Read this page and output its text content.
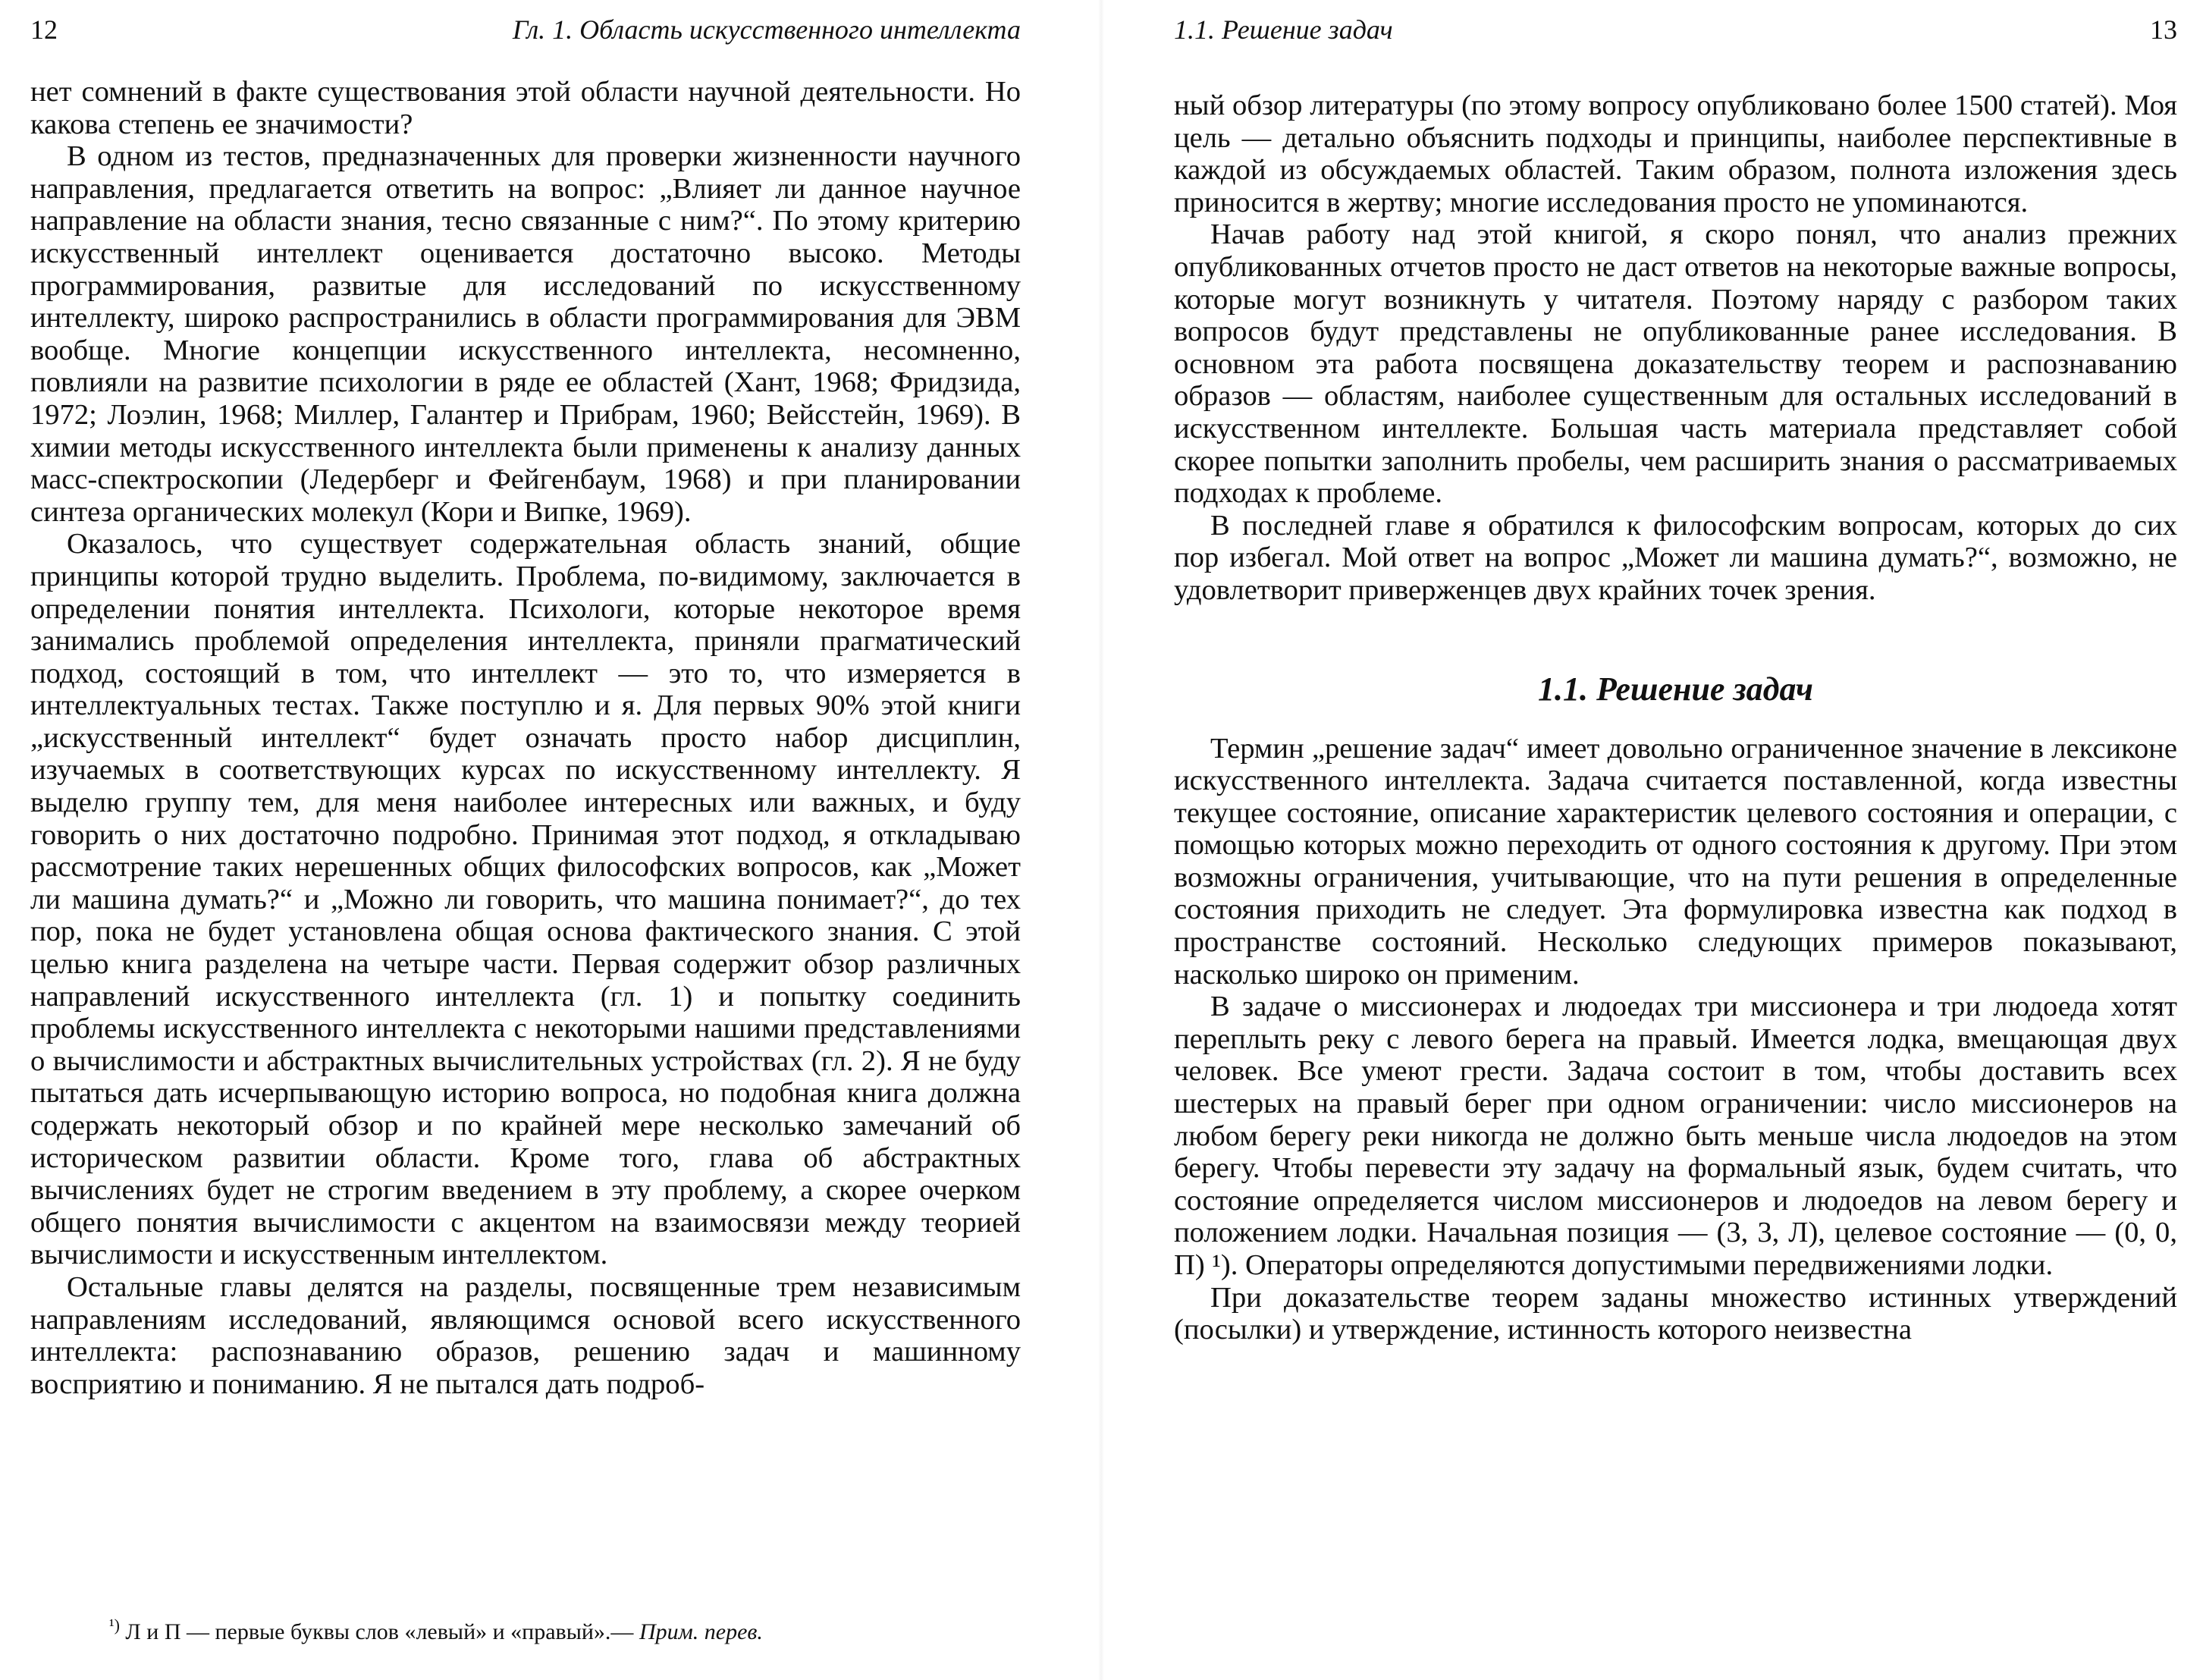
12	Гл. 1. Область искусственного интеллекта

нет сомнений в факте существования этой области научной деятельности. Но какова степень ее значимости?

В одном из тестов, предназначенных для проверки жизненности научного направления, предлагается ответить на вопрос: „Влияет ли данное научное направление на области знания, тесно связанные с ним?“. По этому критерию искусственный интеллект оценивается достаточно высоко. Методы программирования, развитые для исследований по искусственному интеллекту, широко распространились в области программирования для ЭВМ вообще. Многие концепции искусственного интеллекта, несомненно, повлияли на развитие психологии в ряде ее областей (Хант, 1968; Фридзида, 1972; Лоэлин, 1968; Миллер, Галантер и Прибрам, 1960; Вейсстейн, 1969). В химии методы искусственного интеллекта были применены к анализу данных масс-спектроскопии (Ледерберг и Фейгенбаум, 1968) и при планировании синтеза органических молекул (Кори и Випке, 1969).

Оказалось, что существует содержательная область знаний, общие принципы которой трудно выделить. Проблема, по-видимому, заключается в определении понятия интеллекта. Психологи, которые некоторое время занимались проблемой определения интеллекта, приняли прагматический подход, состоящий в том, что интеллект — это то, что измеряется в интеллектуальных тестах. Также поступлю и я. Для первых 90% этой книги „искусственный интеллект“ будет означать просто набор дисциплин, изучаемых в соответствующих курсах по искусственному интеллекту. Я выделю группу тем, для меня наиболее интересных или важных, и буду говорить о них достаточно подробно. Принимая этот подход, я откладываю рассмотрение таких нерешенных общих философских вопросов, как „Может ли машина думать?“ и „Можно ли говорить, что машина понимает?“, до тех пор, пока не будет установлена общая основа фактического знания. С этой целью книга разделена на четыре части. Первая содержит обзор различных направлений искусственного интеллекта (гл. 1) и попытку соединить проблемы искусственного интеллекта с некоторыми нашими представлениями о вычислимости и абстрактных вычислительных устройствах (гл. 2). Я не буду пытаться дать исчерпывающую историю вопроса, но подобная книга должна содержать некоторый обзор и по крайней мере несколько замечаний об историческом развитии области. Кроме того, глава об абстрактных вычислениях будет не строгим введением в эту проблему, а скорее очерком общего понятия вычислимости с акцентом на взаимосвязи между теорией вычислимости и искусственным интеллектом.

Остальные главы делятся на разделы, посвященные трем независимым направлениям исследований, являющимся основой всего искусственного интеллекта: распознаванию образов, решению задач и машинному восприятию и пониманию. Я не пытался дать подроб-

1.1. Решение задач	13

ный обзор литературы (по этому вопросу опубликовано более 1500 статей). Моя цель — детально объяснить подходы и принципы, наиболее перспективные в каждой из обсуждаемых областей. Таким образом, полнота изложения здесь приносится в жертву; многие исследования просто не упоминаются.

Начав работу над этой книгой, я скоро понял, что анализ прежних опубликованных отчетов просто не даст ответов на некоторые важные вопросы, которые могут возникнуть у читателя. Поэтому наряду с разбором таких вопросов будут представлены не опубликованные ранее исследования. В основном эта работа посвящена доказательству теорем и распознаванию образов — областям, наиболее существенным для остальных исследований в искусственном интеллекте. Большая часть материала представляет собой скорее попытки заполнить пробелы, чем расширить знания о рассматриваемых подходах к проблеме.

В последней главе я обратился к философским вопросам, которых до сих пор избегал. Мой ответ на вопрос „Может ли машина думать?“, возможно, не удовлетворит приверженцев двух крайних точек зрения.

1.1. Решение задач

Термин „решение задач“ имеет довольно ограниченное значение в лексиконе искусственного интеллекта. Задача считается поставленной, когда известны текущее состояние, описание характеристик целевого состояния и операции, с помощью которых можно переходить от одного состояния к другому. При этом возможны ограничения, учитывающие, что на пути решения в определенные состояния приходить не следует. Эта формулировка известна как подход в пространстве состояний. Несколько следующих примеров показывают, насколько широко он применим.

В задаче о миссионерах и людоедах три миссионера и три людоеда хотят переплыть реку с левого берега на правый. Имеется лодка, вмещающая двух человек. Все умеют грести. Задача состоит в том, чтобы доставить всех шестерых на правый берег при одном ограничении: число миссионеров на любом берегу реки никогда не должно быть меньше числа людоедов на этом берегу. Чтобы перевести эту задачу на формальный язык, будем считать, что состояние определяется числом миссионеров и людоедов на левом берегу и положением лодки. Начальная позиция — (3, 3, Л), целевое состояние — (0, 0, П) ¹). Операторы определяются допустимыми передвижениями лодки.

При доказательстве теорем заданы множество истинных утверждений (посылки) и утверждение, истинность которого неизвестна

$^{^1)}$ Л и П — первые буквы слов «левый» и «правый».— Прим. перев.
